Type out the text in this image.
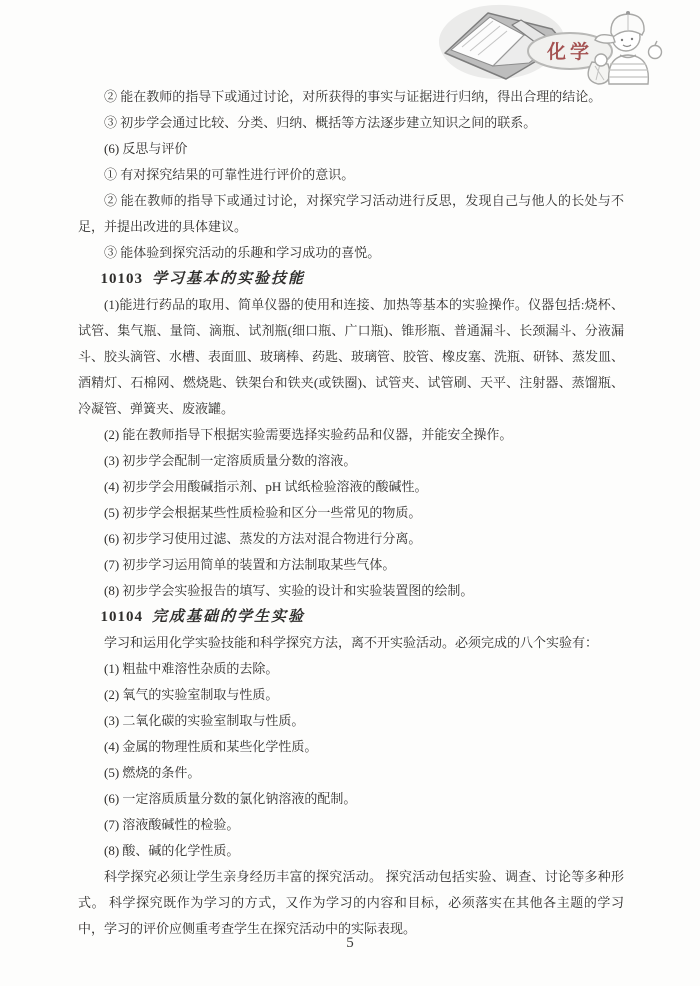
化学

② 能在教师的指导下或通过讨论，对所获得的事实与证据进行归纳，得出合理的结论。

③ 初步学会通过比较、分类、归纳、概括等方法逐步建立知识之间的联系。

(6) 反思与评价

① 有对探究结果的可靠性进行评价的意识。

② 能在教师的指导下或通过讨论，对探究学习活动进行反思，发现自己与他人的长处与不足，并提出改进的具体建议。

③ 能体验到探究活动的乐趣和学习成功的喜悦。

10103 学习基本的实验技能

(1)能进行药品的取用、简单仪器的使用和连接、加热等基本的实验操作。仪器包括:烧杯、试管、集气瓶、量筒、滴瓶、试剂瓶(细口瓶、广口瓶)、锥形瓶、普通漏斗、长颈漏斗、分液漏斗、胶头滴管、水槽、表面皿、玻璃棒、药匙、玻璃管、胶管、橡皮塞、洗瓶、研钵、蒸发皿、酒精灯、石棉网、燃烧匙、铁架台和铁夹(或铁圈)、试管夹、试管刷、天平、注射器、蒸馏瓶、冷凝管、弹簧夹、废液罐。

(2) 能在教师指导下根据实验需要选择实验药品和仪器，并能安全操作。

(3) 初步学会配制一定溶质质量分数的溶液。

(4) 初步学会用酸碱指示剂、pH 试纸检验溶液的酸碱性。

(5) 初步学会根据某些性质检验和区分一些常见的物质。

(6) 初步学习使用过滤、蒸发的方法对混合物进行分离。

(7) 初步学习运用简单的装置和方法制取某些气体。

(8) 初步学会实验报告的填写、实验的设计和实验装置图的绘制。

10104 完成基础的学生实验

学习和运用化学实验技能和科学探究方法，离不开实验活动。必须完成的八个实验有：

(1) 粗盐中难溶性杂质的去除。

(2) 氧气的实验室制取与性质。

(3) 二氧化碳的实验室制取与性质。

(4) 金属的物理性质和某些化学性质。

(5) 燃烧的条件。

(6) 一定溶质质量分数的氯化钠溶液的配制。

(7) 溶液酸碱性的检验。

(8) 酸、碱的化学性质。

科学探究必须让学生亲身经历丰富的探究活动。 探究活动包括实验、调查、讨论等多种形式。 科学探究既作为学习的方式，又作为学习的内容和目标，必须落实在其他各主题的学习中，学习的评价应侧重考查学生在探究活动中的实际表现。

5
